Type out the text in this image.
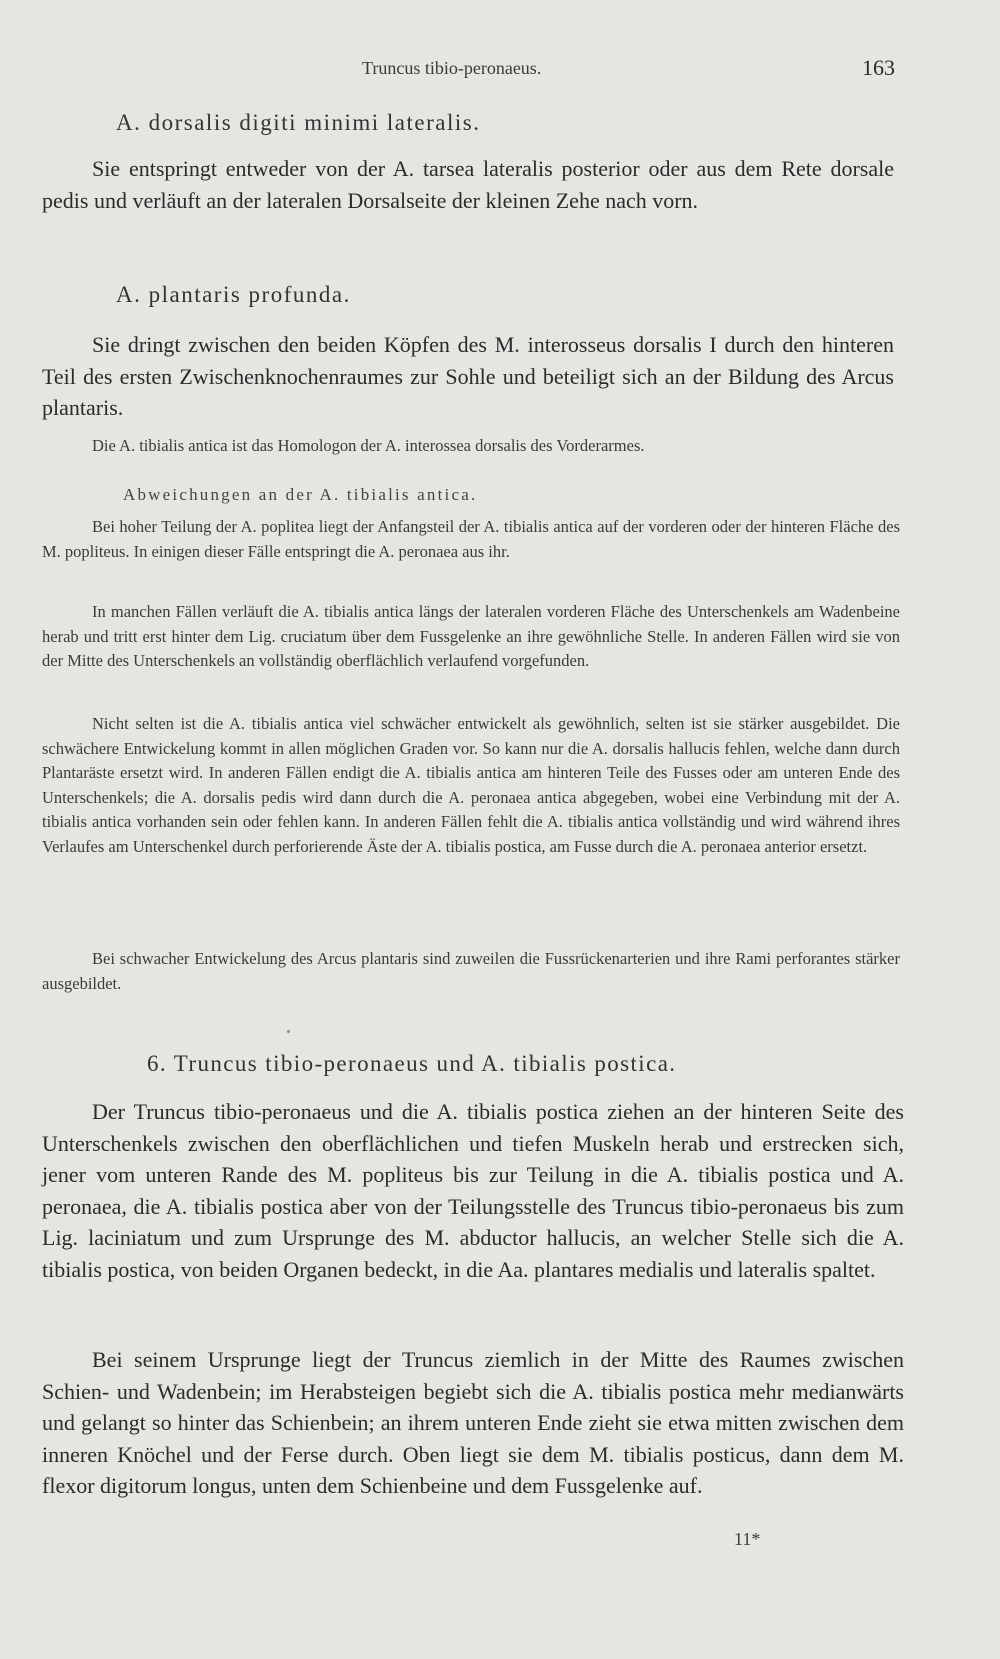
Truncus tibio-peronaeus.	163
A. dorsalis digiti minimi lateralis.

Sie entspringt entweder von der A. tarsea lateralis posterior oder aus dem Rete dorsale pedis und verläuft an der lateralen Dorsalseite der kleinen Zehe nach vorn.

A. plantaris profunda.

Sie dringt zwischen den beiden Köpfen des M. interosseus dorsalis I durch den hinteren Teil des ersten Zwischenknochenraumes zur Sohle und beteiligt sich an der Bildung des Arcus plantaris.

Die A. tibialis antica ist das Homologon der A. interossea dorsalis des Vorderarmes.

Abweichungen an der A. tibialis antica.

Bei hoher Teilung der A. poplitea liegt der Anfangsteil der A. tibialis antica auf der vorderen oder der hinteren Fläche des M. popliteus. In einigen dieser Fälle entspringt die A. peronaea aus ihr.

In manchen Fällen verläuft die A. tibialis antica längs der lateralen vorderen Fläche des Unterschenkels am Wadenbeine herab und tritt erst hinter dem Lig. cruciatum über dem Fussgelenke an ihre gewöhnliche Stelle. In anderen Fällen wird sie von der Mitte des Unterschenkels an vollständig oberflächlich verlaufend vorgefunden.

Nicht selten ist die A. tibialis antica viel schwächer entwickelt als gewöhnlich, selten ist sie stärker ausgebildet. Die schwächere Entwickelung kommt in allen möglichen Graden vor. So kann nur die A. dorsalis hallucis fehlen, welche dann durch Plantaräste ersetzt wird. In anderen Fällen endigt die A. tibialis antica am hinteren Teile des Fusses oder am unteren Ende des Unterschenkels; die A. dorsalis pedis wird dann durch die A. peronaea antica abgegeben, wobei eine Verbindung mit der A. tibialis antica vorhanden sein oder fehlen kann. In anderen Fällen fehlt die A. tibialis antica vollständig und wird während ihres Verlaufes am Unterschenkel durch perforierende Äste der A. tibialis postica, am Fusse durch die A. peronaea anterior ersetzt.

Bei schwacher Entwickelung des Arcus plantaris sind zuweilen die Fussrückenarterien und ihre Rami perforantes stärker ausgebildet.

6. Truncus tibio-peronaeus und A. tibialis postica.

Der Truncus tibio-peronaeus und die A. tibialis postica ziehen an der hinteren Seite des Unterschenkels zwischen den oberflächlichen und tiefen Muskeln herab und erstrecken sich, jener vom unteren Rande des M. popliteus bis zur Teilung in die A. tibialis postica und A. peronaea, die A. tibialis postica aber von der Teilungsstelle des Truncus tibio-peronaeus bis zum Lig. laciniatum und zum Ursprunge des M. abductor hallucis, an welcher Stelle sich die A. tibialis postica, von beiden Organen bedeckt, in die Aa. plantares medialis und lateralis spaltet.

Bei seinem Ursprunge liegt der Truncus ziemlich in der Mitte des Raumes zwischen Schien- und Wadenbein; im Herabsteigen begiebt sich die A. tibialis postica mehr medianwärts und gelangt so hinter das Schienbein; an ihrem unteren Ende zieht sie etwa mitten zwischen dem inneren Knöchel und der Ferse durch. Oben liegt sie dem M. tibialis posticus, dann dem M. flexor digitorum longus, unten dem Schienbeine und dem Fussgelenke auf.

11*
